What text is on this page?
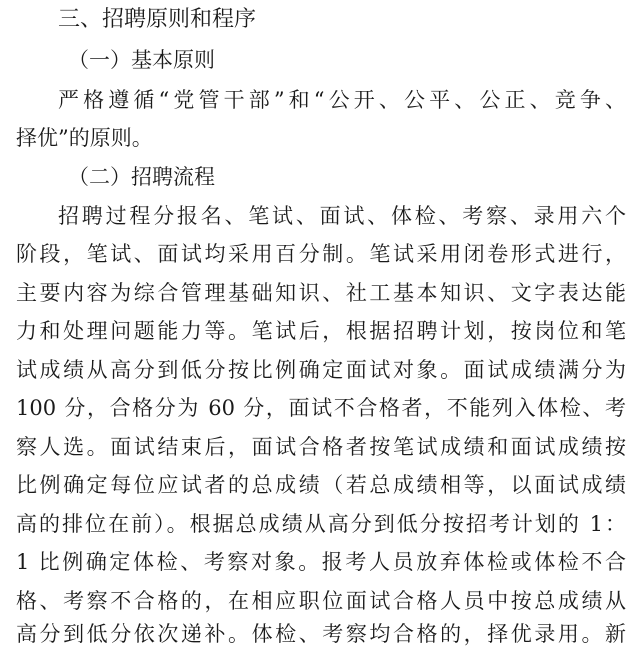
三、招聘原则和程序
（一）基本原则
严格遵循“党管干部”和“公开、公平、公正、竞争、
择优”的原则。
（二）招聘流程
招聘过程分报名、笔试、面试、体检、考察、录用六个
阶段，笔试、面试均采用百分制。笔试采用闭卷形式进行，
主要内容为综合管理基础知识、社工基本知识、文字表达能
力和处理问题能力等。笔试后，根据招聘计划，按岗位和笔
试成绩从高分到低分按比例确定面试对象。面试成绩满分为
100 分，合格分为 60 分，面试不合格者，不能列入体检、考
察人选。面试结束后，面试合格者按笔试成绩和面试成绩按
比例确定每位应试者的总成绩（若总成绩相等，以面试成绩
高的排位在前）。根据总成绩从高分到低分按招考计划的 1：
1 比例确定体检、考察对象。报考人员放弃体检或体检不合
格、考察不合格的，在相应职位面试合格人员中按总成绩从
高分到低分依次递补。体检、考察均合格的，择优录用。新
